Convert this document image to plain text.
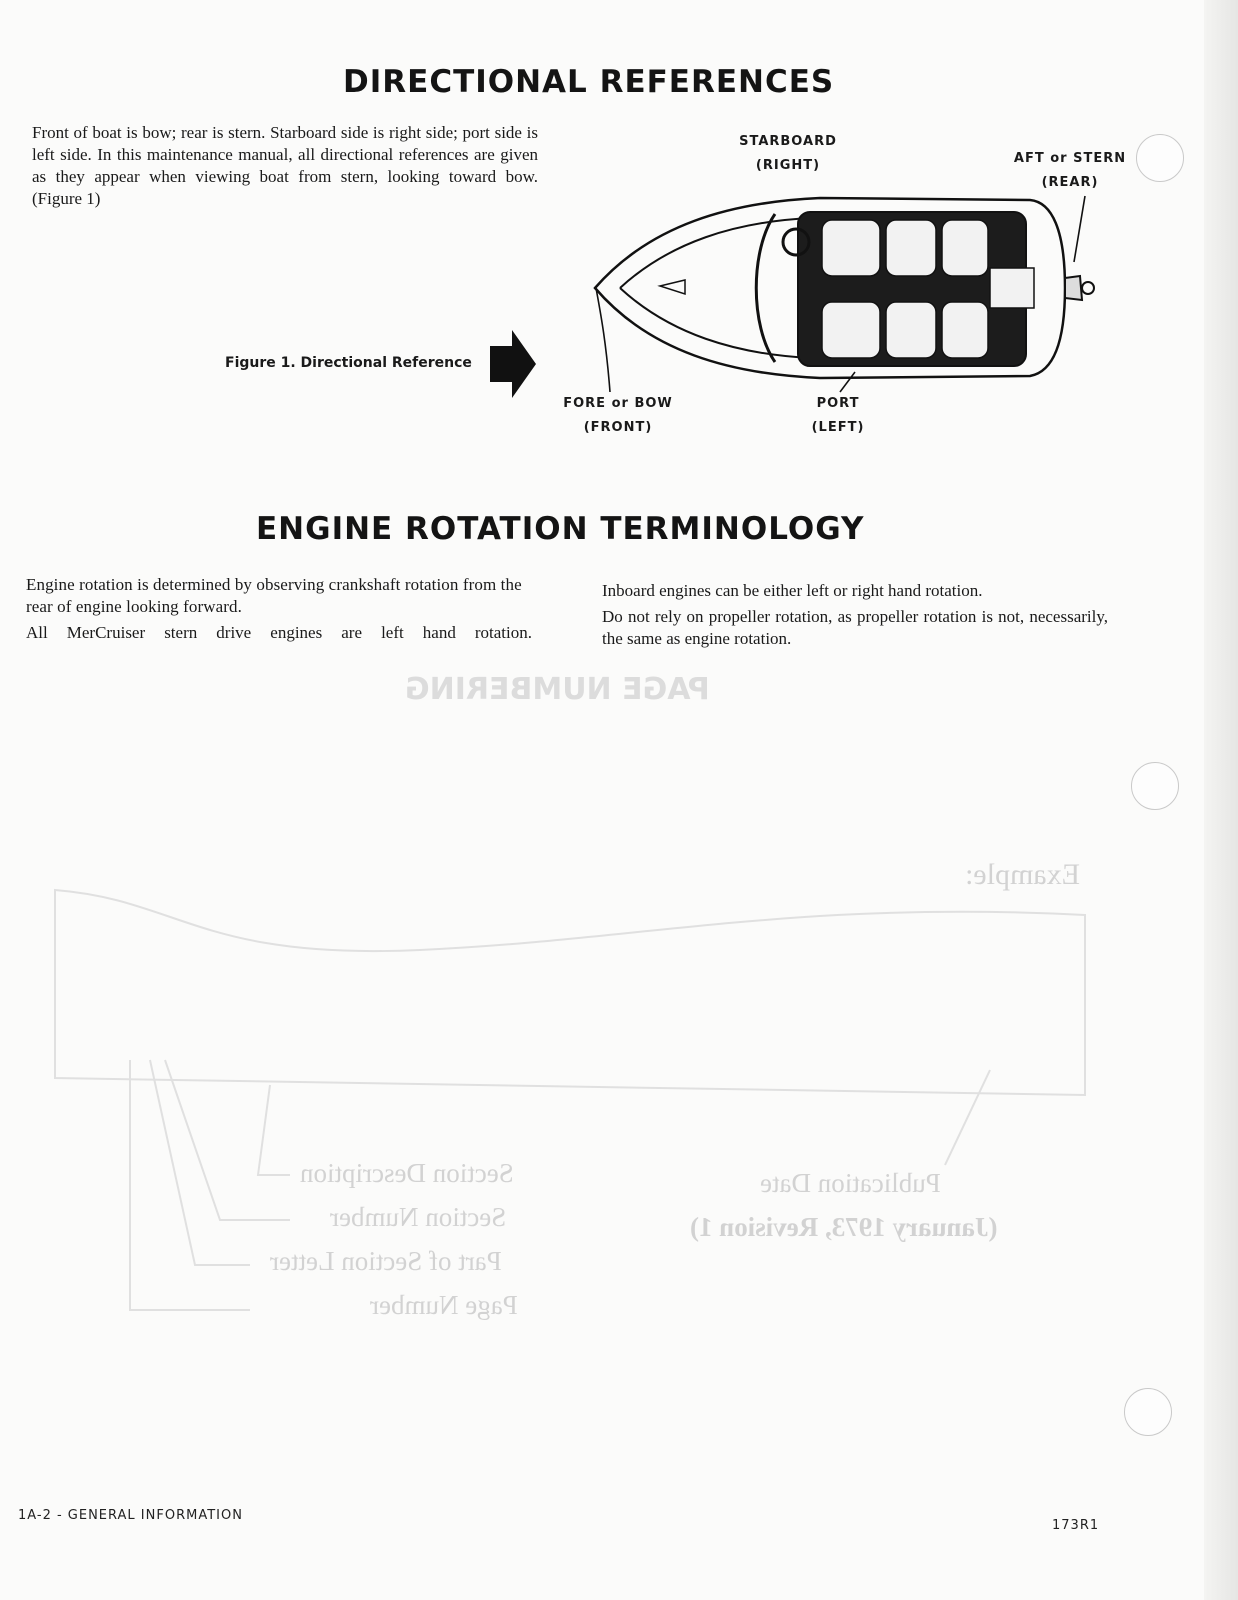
PAGE NUMBERING
Example:
Section Description
Section Number
Part of Section Letter
Page Number
Publication Date
(January 1973, Revision 1)
DIRECTIONAL REFERENCES

Front of boat is bow; rear is stern. Starboard side is right side; port side is left side. In this maintenance manual, all directional references are given as they appear when viewing boat from stern, looking toward bow. (Figure 1)

Figure 1. Directional Reference
STARBOARD
(RIGHT)	AFT or STERN
(REAR)
FORE or BOW
(FRONT)
PORT
(LEFT)
ENGINE ROTATION TERMINOLOGY

Engine rotation is determined by observing crankshaft rotation from the rear of engine looking forward.

All MerCruiser stern drive engines are left hand rotation.

Inboard engines can be either left or right hand rotation.

Do not rely on propeller rotation, as propeller rotation is not, necessarily, the same as engine rotation.

1A-2 - GENERAL INFORMATION
173R1
